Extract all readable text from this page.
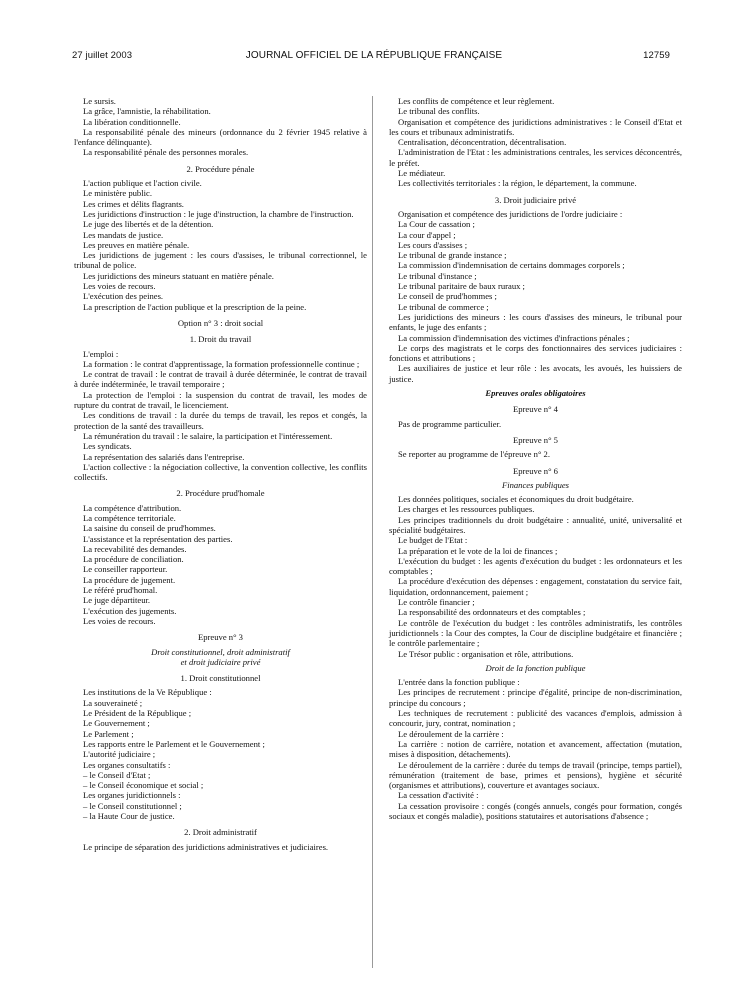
27 juillet 2003	JOURNAL OFFICIEL DE LA RÉPUBLIQUE FRANÇAISE	12759

Le sursis.

La grâce, l'amnistie, la réhabilitation.

La libération conditionnelle.

La responsabilité pénale des mineurs (ordonnance du 2 février 1945 relative à l'enfance délinquante).

La responsabilité pénale des personnes morales.

2. Procédure pénale

L'action publique et l'action civile.

Le ministère public.

Les crimes et délits flagrants.

Les juridictions d'instruction : le juge d'instruction, la chambre de l'instruction.

Le juge des libertés et de la détention.

Les mandats de justice.

Les preuves en matière pénale.

Les juridictions de jugement : les cours d'assises, le tribunal correctionnel, le tribunal de police.

Les juridictions des mineurs statuant en matière pénale.

Les voies de recours.

L'exécution des peines.

La prescription de l'action publique et la prescription de la peine.

Option n° 3 : droit social
1. Droit du travail

L'emploi :

La formation : le contrat d'apprentissage, la formation professionnelle continue ;

Le contrat de travail : le contrat de travail à durée déterminée, le contrat de travail à durée indéterminée, le travail temporaire ;

La protection de l'emploi : la suspension du contrat de travail, les modes de rupture du contrat de travail, le licenciement.

Les conditions de travail : la durée du temps de travail, les repos et congés, la protection de la santé des travailleurs.

La rémunération du travail : le salaire, la participation et l'intéressement.

Les syndicats.

La représentation des salariés dans l'entreprise.

L'action collective : la négociation collective, la convention collective, les conflits collectifs.

2. Procédure prud'homale

La compétence d'attribution.

La compétence territoriale.

La saisine du conseil de prud'hommes.

L'assistance et la représentation des parties.

La recevabilité des demandes.

La procédure de conciliation.

Le conseiller rapporteur.

La procédure de jugement.

Le référé prud'homal.

Le juge départiteur.

L'exécution des jugements.

Les voies de recours.

Epreuve n° 3
Droit constitutionnel, droit administratif
et droit judiciaire privé
1. Droit constitutionnel

Les institutions de la Ve République :

La souveraineté ;

Le Président de la République ;

Le Gouvernement ;

Le Parlement ;

Les rapports entre le Parlement et le Gouvernement ;

L'autorité judiciaire ;

Les organes consultatifs :

– le Conseil d'Etat ;

– le Conseil économique et social ;

Les organes juridictionnels :

– le Conseil constitutionnel ;

– la Haute Cour de justice.

2. Droit administratif

Le principe de séparation des juridictions administratives et judiciaires.

Les conflits de compétence et leur règlement.

Le tribunal des conflits.

Organisation et compétence des juridictions administratives : le Conseil d'Etat et les cours et tribunaux administratifs.

Centralisation, déconcentration, décentralisation.

L'administration de l'Etat : les administrations centrales, les services déconcentrés, le préfet.

Le médiateur.

Les collectivités territoriales : la région, le département, la commune.

3. Droit judiciaire privé

Organisation et compétence des juridictions de l'ordre judiciaire :

La Cour de cassation ;

La cour d'appel ;

Les cours d'assises ;

Le tribunal de grande instance ;

La commission d'indemnisation de certains dommages corporels ;

Le tribunal d'instance ;

Le tribunal paritaire de baux ruraux ;

Le conseil de prud'hommes ;

Le tribunal de commerce ;

Les juridictions des mineurs : les cours d'assises des mineurs, le tribunal pour enfants, le juge des enfants ;

La commission d'indemnisation des victimes d'infractions pénales ;

Le corps des magistrats et le corps des fonctionnaires des services judiciaires : fonctions et attributions ;

Les auxiliaires de justice et leur rôle : les avocats, les avoués, les huissiers de justice.

Epreuves orales obligatoires
Epreuve n° 4

Pas de programme particulier.

Epreuve n° 5

Se reporter au programme de l'épreuve n° 2.

Epreuve n° 6
Finances publiques

Les données politiques, sociales et économiques du droit budgétaire.

Les charges et les ressources publiques.

Les principes traditionnels du droit budgétaire : annualité, unité, universalité et spécialité budgétaires.

Le budget de l'Etat :

La préparation et le vote de la loi de finances ;

L'exécution du budget : les agents d'exécution du budget : les ordonnateurs et les comptables ;

La procédure d'exécution des dépenses : engagement, constatation du service fait, liquidation, ordonnancement, paiement ;

Le contrôle financier ;

La responsabilité des ordonnateurs et des comptables ;

Le contrôle de l'exécution du budget : les contrôles administratifs, les contrôles juridictionnels : la Cour des comptes, la Cour de discipline budgétaire et financière ; le contrôle parlementaire ;

Le Trésor public : organisation et rôle, attributions.

Droit de la fonction publique

L'entrée dans la fonction publique :

Les principes de recrutement : principe d'égalité, principe de non-discrimination, principe du concours ;

Les techniques de recrutement : publicité des vacances d'emplois, admission à concourir, jury, contrat, nomination ;

Le déroulement de la carrière :

La carrière : notion de carrière, notation et avancement, affectation (mutation, mises à disposition, détachements).

Le déroulement de la carrière : durée du temps de travail (principe, temps partiel), rémunération (traitement de base, primes et pensions), hygiène et sécurité (organismes et attributions), couverture et avantages sociaux.

La cessation d'activité :

La cessation provisoire : congés (congés annuels, congés pour formation, congés sociaux et congés maladie), positions statutaires et autorisations d'absence ;
